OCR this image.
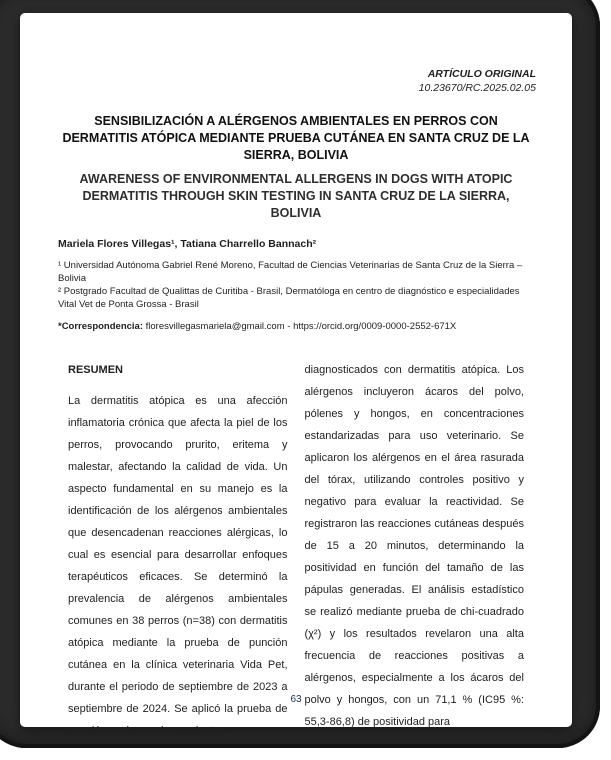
ARTÍCULO ORIGINAL
10.23670/RC.2025.02.05
SENSIBILIZACIÓN A ALÉRGENOS AMBIENTALES EN PERROS CON DERMATITIS ATÓPICA MEDIANTE PRUEBA CUTÁNEA EN SANTA CRUZ DE LA SIERRA, BOLIVIA
AWARENESS OF ENVIRONMENTAL ALLERGENS IN DOGS WITH ATOPIC DERMATITIS THROUGH SKIN TESTING IN SANTA CRUZ DE LA SIERRA, BOLIVIA
Mariela Flores Villegas¹, Tatiana Charrello Bannach²
¹ Universidad Autónoma Gabriel René Moreno, Facultad de Ciencias Veterinarias de Santa Cruz de la Sierra – Bolivia
² Postgrado Facultad de Qualittas de Curitiba - Brasil, Dermatóloga en centro de diagnóstico e especialidades Vital Vet de Ponta Grossa - Brasil
*Correspondencia: floresvillegasmariela@gmail.com - https://orcid.org/0009-0000-2552-671X
RESUMEN
La dermatitis atópica es una afección inflamatoria crónica que afecta la piel de los perros, provocando prurito, eritema y malestar, afectando la calidad de vida. Un aspecto fundamental en su manejo es la identificación de los alérgenos ambientales que desencadenan reacciones alérgicas, lo cual es esencial para desarrollar enfoques terapéuticos eficaces. Se determinó la prevalencia de alérgenos ambientales comunes en 38 perros (n=38) con dermatitis atópica mediante la prueba de punción cutánea en la clínica veterinaria Vida Pet, durante el periodo de septiembre de 2023 a septiembre de 2024. Se aplicó la prueba de punción cutánea a los pacientes
diagnosticados con dermatitis atópica. Los alérgenos incluyeron ácaros del polvo, pólenes y hongos, en concentraciones estandarizadas para uso veterinario. Se aplicaron los alérgenos en el área rasurada del tórax, utilizando controles positivo y negativo para evaluar la reactividad. Se registraron las reacciones cutáneas después de 15 a 20 minutos, determinando la positividad en función del tamaño de las pápulas generadas. El análisis estadístico se realizó mediante prueba de chi-cuadrado (χ²) y los resultados revelaron una alta frecuencia de reacciones positivas a alérgenos, especialmente a los ácaros del polvo y hongos, con un 71,1 % (IC95 %: 55,3-86,8) de positividad para
63
